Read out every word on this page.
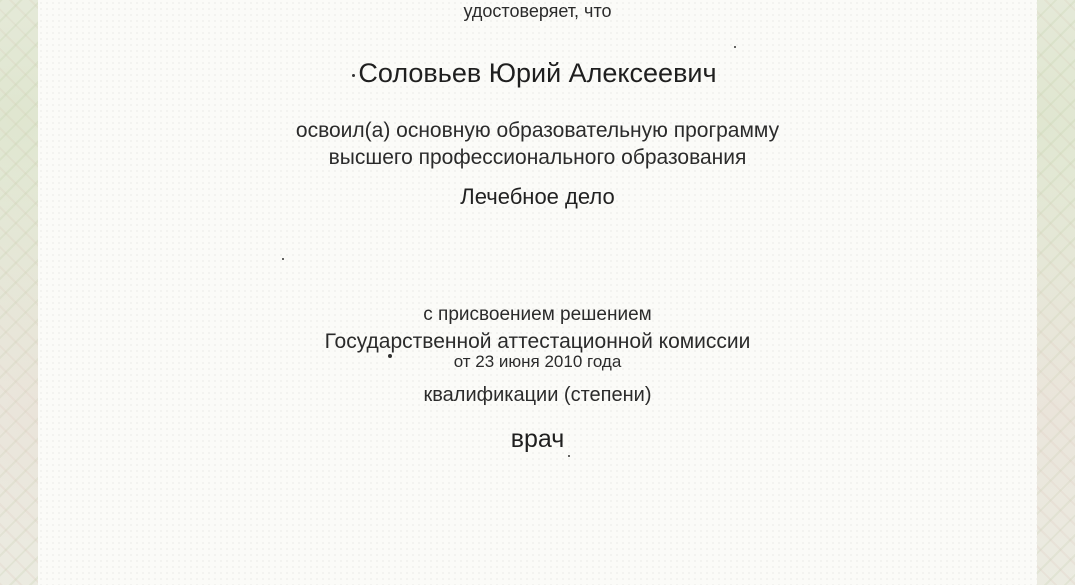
удостоверяет, что
Соловьев Юрий Алексеевич
освоил(а) основную образовательную программу
высшего профессионального образования
Лечебное дело
с присвоением решением
Государственной аттестационной комиссии
от 23 июня 2010 года
квалификации (степени)
врач
